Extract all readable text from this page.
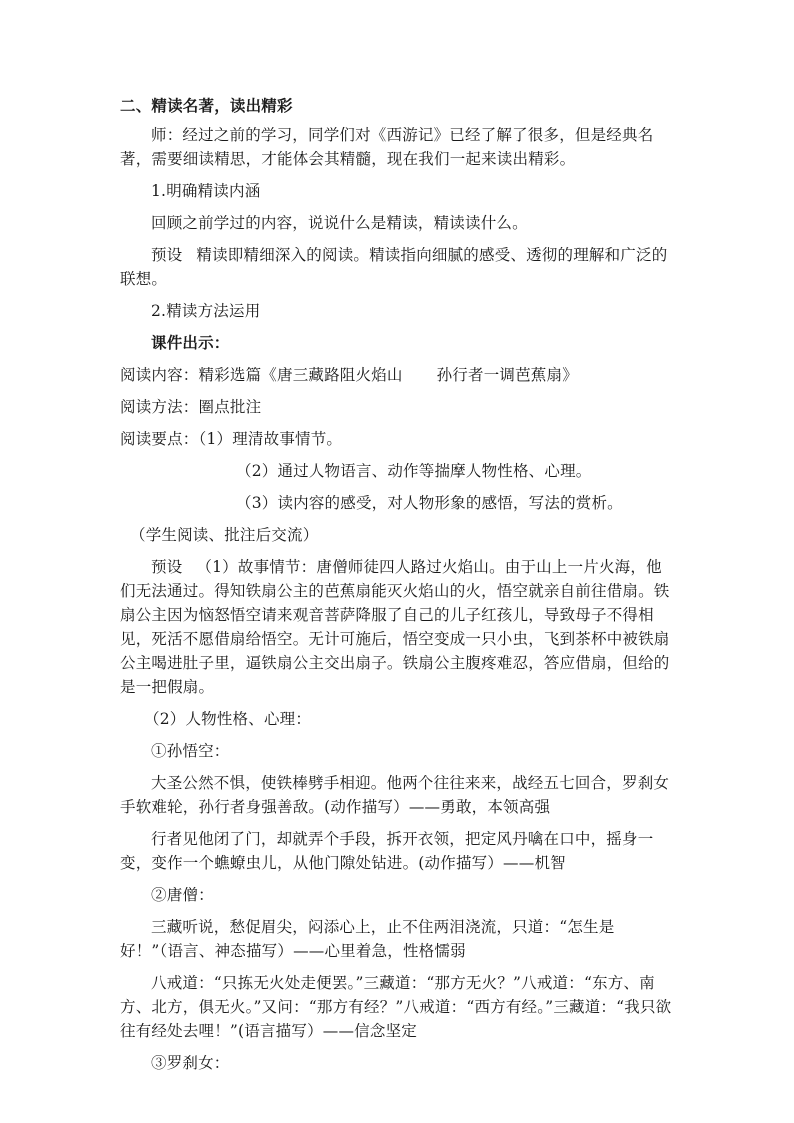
二、精读名著，读出精彩

师：经过之前的学习，同学们对《西游记》已经了解了很多，但是经典名著，需要细读精思，才能体会其精髓，现在我们一起来读出精彩。

1.明确精读内涵

回顾之前学过的内容，说说什么是精读，精读读什么。

预设 精读即精细深入的阅读。精读指向细腻的感受、透彻的理解和广泛的联想。

2.精读方法运用

课件出示：

阅读内容：精彩选篇《唐三藏路阻火焰山 孙行者一调芭蕉扇》

阅读方法：圈点批注

阅读要点：（1）理清故事情节。

（2）通过人物语言、动作等揣摩人物性格、心理。

（3）读内容的感受，对人物形象的感悟，写法的赏析。

（学生阅读、批注后交流）

预设 （1）故事情节：唐僧师徒四人路过火焰山。由于山上一片火海，他们无法通过。得知铁扇公主的芭蕉扇能灭火焰山的火，悟空就亲自前往借扇。铁扇公主因为恼怒悟空请来观音菩萨降服了自己的儿子红孩儿，导致母子不得相见，死活不愿借扇给悟空。无计可施后，悟空变成一只小虫，飞到茶杯中被铁扇公主喝进肚子里，逼铁扇公主交出扇子。铁扇公主腹疼难忍，答应借扇，但给的是一把假扇。

（2）人物性格、心理：

①孙悟空：

大圣公然不惧，使铁棒劈手相迎。他两个往往来来，战经五七回合，罗刹女手软难轮，孙行者身强善敌。(动作描写）——勇敢，本领高强

行者见他闭了门，却就弄个手段，拆开衣领，把定风丹噙在口中，摇身一变，变作一个蟭蟟虫儿，从他门隙处钻进。(动作描写）——机智

②唐僧：

三藏听说，愁促眉尖，闷添心上，止不住两泪浇流，只道：“怎生是好！”（语言、神态描写）——心里着急，性格懦弱

八戒道：“只拣无火处走便罢。”三藏道：“那方无火？”八戒道：“东方、南方、北方，俱无火。”又问：“那方有经？”八戒道：“西方有经。”三藏道：“我只欲往有经处去哩！”(语言描写）——信念坚定

③罗刹女：
